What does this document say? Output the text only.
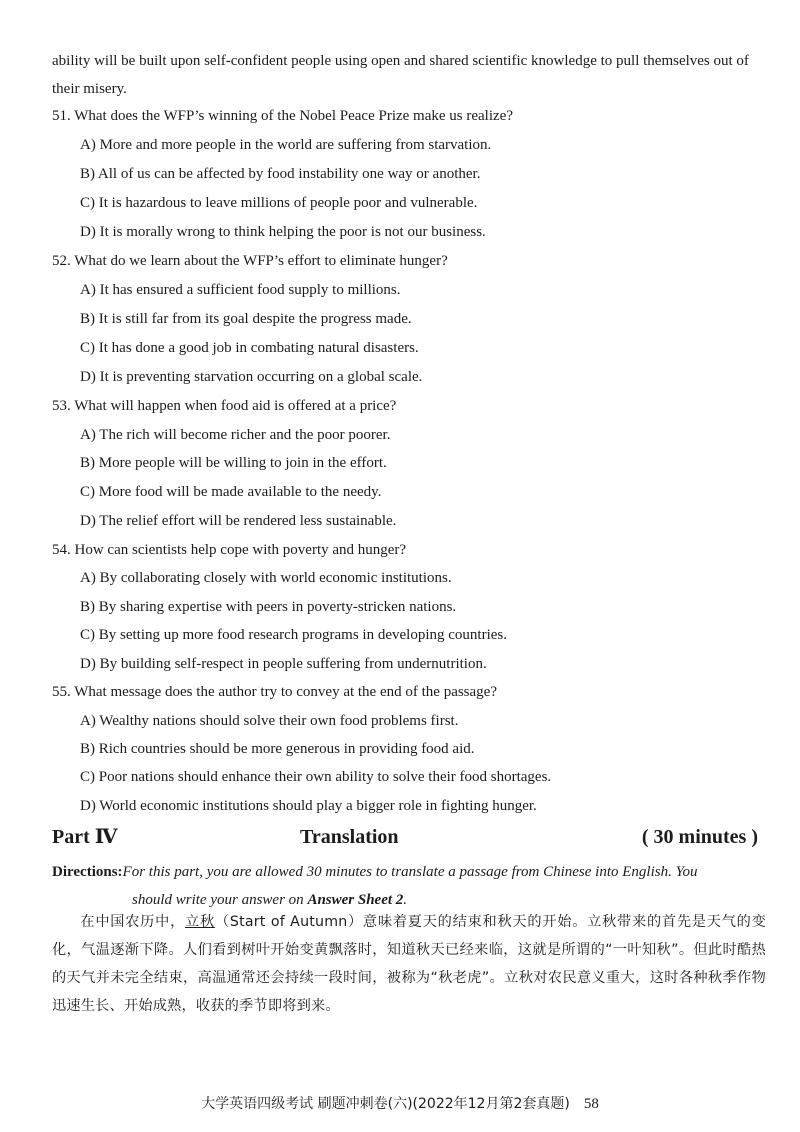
ability will be built upon self-confident people using open and shared scientific knowledge to pull themselves out of their misery.
51. What does the WFP’s winning of the Nobel Peace Prize make us realize?
A) More and more people in the world are suffering from starvation.
B) All of us can be affected by food instability one way or another.
C) It is hazardous to leave millions of people poor and vulnerable.
D) It is morally wrong to think helping the poor is not our business.
52. What do we learn about the WFP’s effort to eliminate hunger?
A) It has ensured a sufficient food supply to millions.
B) It is still far from its goal despite the progress made.
C) It has done a good job in combating natural disasters.
D) It is preventing starvation occurring on a global scale.
53. What will happen when food aid is offered at a price?
A) The rich will become richer and the poor poorer.
B) More people will be willing to join in the effort.
C) More food will be made available to the needy.
D) The relief effort will be rendered less sustainable.
54. How can scientists help cope with poverty and hunger?
A) By collaborating closely with world economic institutions.
B) By sharing expertise with peers in poverty-stricken nations.
C) By setting up more food research programs in developing countries.
D) By building self-respect in people suffering from undernutrition.
55. What message does the author try to convey at the end of the passage?
A) Wealthy nations should solve their own food problems first.
B) Rich countries should be more generous in providing food aid.
C) Poor nations should enhance their own ability to solve their food shortages.
D) World economic institutions should play a bigger role in fighting hunger.
Part Ⅳ	Translation	( 30 minutes )
Directions:For this part, you are allowed 30 minutes to translate a passage from Chinese into English. You
should write your answer on Answer Sheet 2.
在中国农历中，立秋（Start of Autumn）意味着夏天的结束和秋天的开始。立秋带来的首先是天气的变化，气温逐渐下降。人们看到树叶开始变黄飘落时，知道秋天已经来临，这就是所谓的“一叶知秋”。但此时酷热的天气并未完全结束，高温通常还会持续一段时间，被称为“秋老虎”。立秋对农民意义重大，这时各种秋季作物迅速生长、开始成熟，收获的季节即将到来。
大学英语四级考试 刷题冲刺卷(六)(2022年12月第2套真题) 58
